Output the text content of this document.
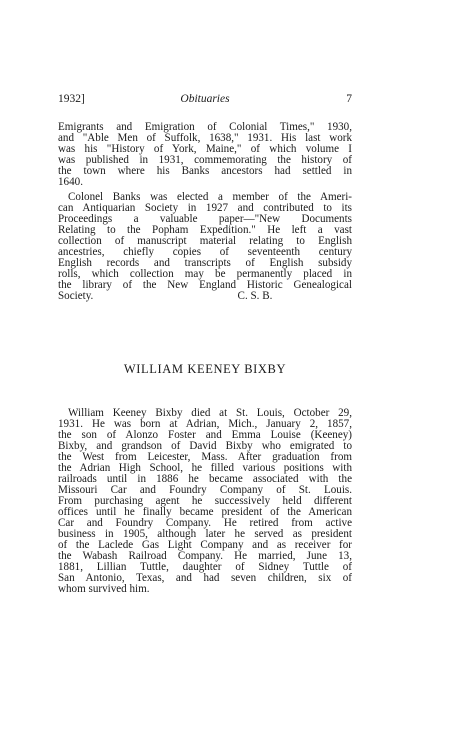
1932]	Obituaries	7
Emigrants and Emigration of Colonial Times," 1930,
and "Able Men of Suffolk, 1638," 1931. His last work
was his "History of York, Maine," of which volume I
was published in 1931, commemorating the history of
the town where his Banks ancestors had settled in
1640.
Colonel Banks was elected a member of the Ameri-
can Antiquarian Society in 1927 and contributed to its
Proceedings a valuable paper—"New Documents
Relating to the Popham Expedition." He left a vast
collection of manuscript material relating to English
ancestries, chiefly copies of seventeenth century
English records and transcripts of English subsidy
rolls, which collection may be permanently placed in
the library of the New England Historic Genealogical
Society.                                                    C. S. B.
WILLIAM KEENEY BIXBY
William Keeney Bixby died at St. Louis, October 29,
1931. He was born at Adrian, Mich., January 2, 1857,
the son of Alonzo Foster and Emma Louise (Keeney)
Bixby, and grandson of David Bixby who emigrated to
the West from Leicester, Mass. After graduation from
the Adrian High School, he filled various positions with
railroads until in 1886 he became associated with the
Missouri Car and Foundry Company of St. Louis.
From purchasing agent he successively held different
offices until he finally became president of the American
Car and Foundry Company. He retired from active
business in 1905, although later he served as president
of the Laclede Gas Light Company and as receiver for
the Wabash Railroad Company. He married, June 13,
1881, Lillian Tuttle, daughter of Sidney Tuttle of
San Antonio, Texas, and had seven children, six of
whom survived him.
